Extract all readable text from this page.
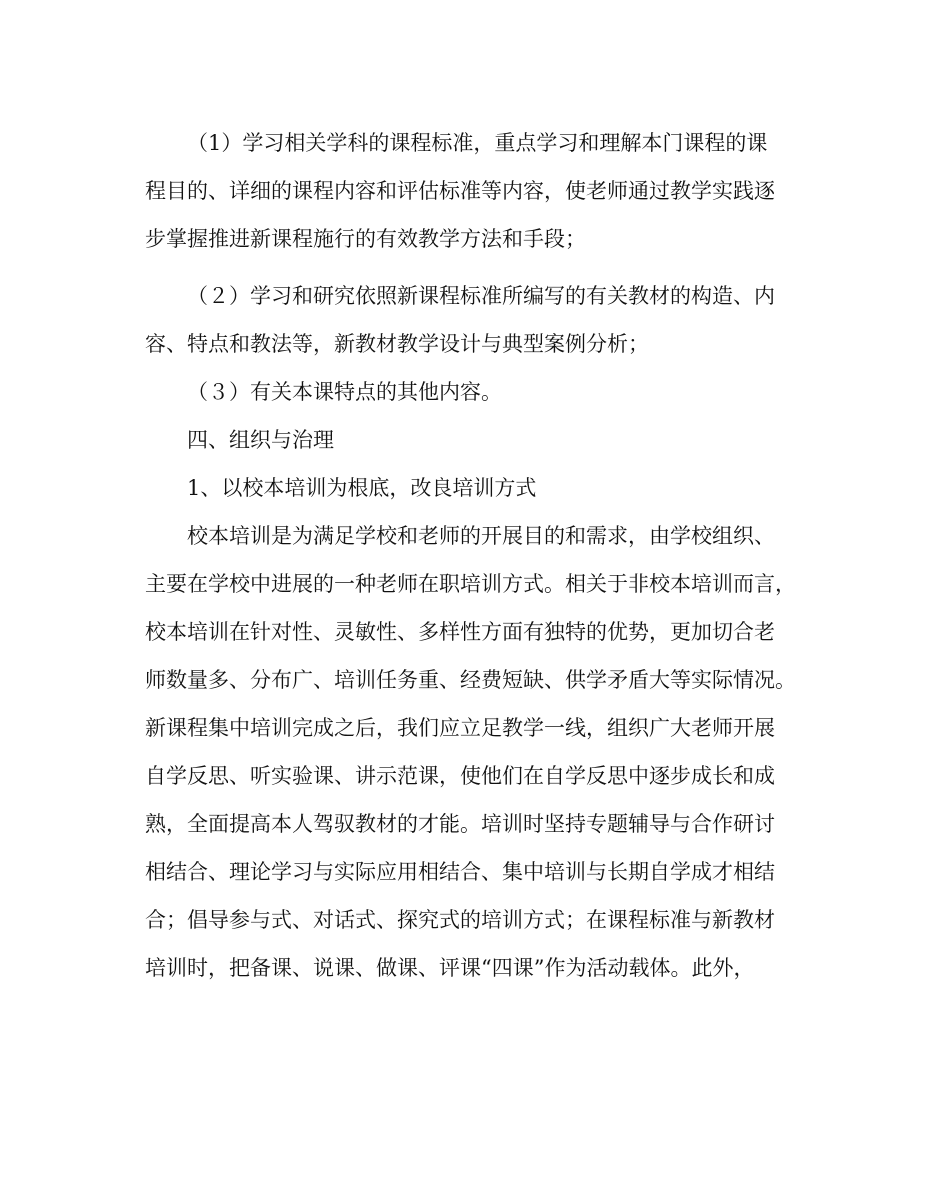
（1）学习相关学科的课程标准，重点学习和理解本门课程的课
程目的、详细的课程内容和评估标准等内容，使老师通过教学实践逐
步掌握推进新课程施行的有效教学方法和手段；
（２）学习和研究依照新课程标准所编写的有关教材的构造、内
容、特点和教法等，新教材教学设计与典型案例分析；
（３）有关本课特点的其他内容。
四、组织与治理
1、以校本培训为根底，改良培训方式
校本培训是为满足学校和老师的开展目的和需求，由学校组织、
主要在学校中进展的一种老师在职培训方式。相关于非校本培训而言，
校本培训在针对性、灵敏性、多样性方面有独特的优势，更加切合老
师数量多、分布广、培训任务重、经费短缺、供学矛盾大等实际情况。
新课程集中培训完成之后，我们应立足教学一线，组织广大老师开展
自学反思、听实验课、讲示范课，使他们在自学反思中逐步成长和成
熟，全面提高本人驾驭教材的才能。培训时坚持专题辅导与合作研讨
相结合、理论学习与实际应用相结合、集中培训与长期自学成才相结
合；倡导参与式、对话式、探究式的培训方式；在课程标准与新教材
培训时，把备课、说课、做课、评课“四课”作为活动载体。此外，
